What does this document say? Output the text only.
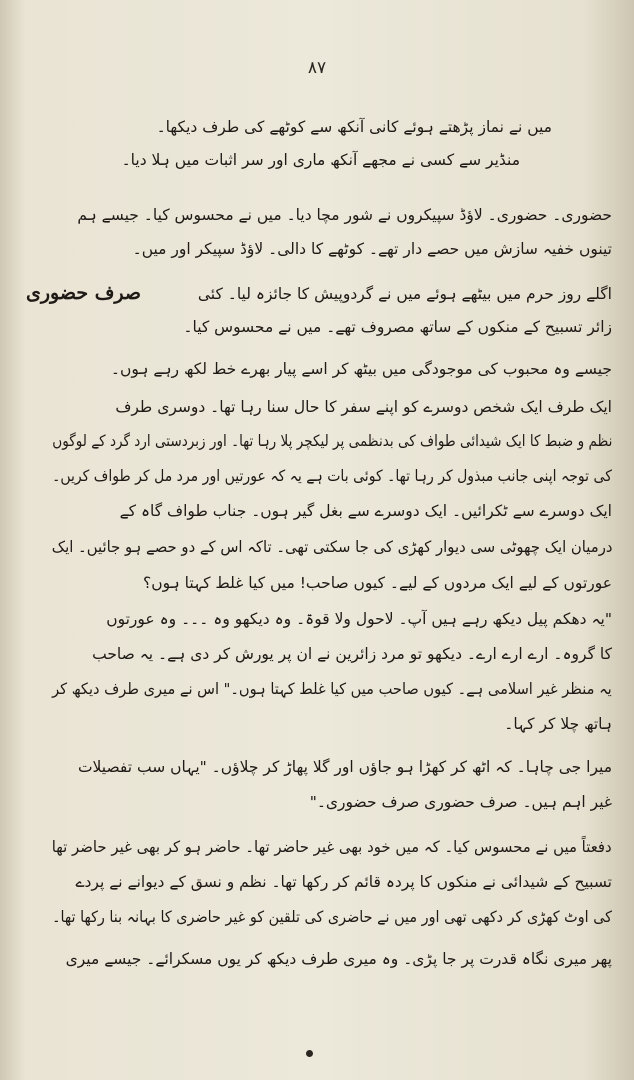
۸۷
صرف حضوری
میں نے نماز پڑھتے ہوئے کانی آنکھ سے کوٹھے کی طرف دیکھا۔
منڈیر سے کسی نے مجھے آنکھ ماری اور سر اثبات میں ہلا دیا۔
حضوری۔ حضوری۔ لاؤڈ سپیکروں نے شور مچا دیا۔ میں نے محسوس کیا۔ جیسے ہم
تینوں خفیہ سازش میں حصے دار تھے۔ کوٹھے کا دالی۔ لاؤڈ سپیکر اور میں۔
اگلے روز حرم میں بیٹھے ہوئے میں نے گردوپیش کا جائزہ لیا۔ کئی
زائر تسبیح کے منکوں کے ساتھ مصروف تھے۔ میں نے محسوس کیا۔
جیسے وہ محبوب کی موجودگی میں بیٹھ کر اسے پیار بھرے خط لکھ رہے ہوں۔
ایک طرف ایک شخص دوسرے کو اپنے سفر کا حال سنا رہا تھا۔ دوسری طرف
نظم و ضبط کا ایک شیدائی طواف کی بدنظمی پر لیکچر پلا رہا تھا۔ اور زبردستی ارد گرد کے لوگوں
کی توجہ اپنی جانب مبذول کر رہا تھا۔ کوئی بات ہے یہ کہ عورتیں اور مرد مل کر طواف کریں۔
ایک دوسرے سے ٹکرائیں۔ ایک دوسرے سے بغل گیر ہوں۔ جناب طواف گاہ کے
درمیان ایک چھوٹی سی دیوار کھڑی کی جا سکتی تھی۔ تاکہ اس کے دو حصے ہو جائیں۔ ایک
عورتوں کے لیے ایک مردوں کے لیے۔ کیوں صاحب! میں کیا غلط کہتا ہوں؟
"یہ دھکم پیل دیکھ رہے ہیں آپ۔ لاحول ولا قوۃ۔ وہ دیکھو وہ ۔۔۔ وہ عورتوں
کا گروہ۔ ارے ارے ارے۔ دیکھو تو مرد زائرین نے ان پر یورش کر دی ہے۔ یہ صاحب
یہ منظر غیر اسلامی ہے۔ کیوں صاحب میں کیا غلط کہتا ہوں۔" اس نے میری طرف دیکھ کر
ہاتھ چلا کر کہا۔
میرا جی چاہا۔ کہ اٹھ کر کھڑا ہو جاؤں اور گلا پھاڑ کر چلاؤں۔ "یہاں سب تفصیلات
غیر اہم ہیں۔ صرف حضوری صرف حضوری۔"
دفعتاً میں نے محسوس کیا۔ کہ میں خود بھی غیر حاضر تھا۔ حاضر ہو کر بھی غیر حاضر تھا
تسبیح کے شیدائی نے منکوں کا پردہ قائم کر رکھا تھا۔ نظم و نسق کے دیوانے نے پردے
کی اوٹ کھڑی کر دکھی تھی اور میں نے حاضری کی تلقین کو غیر حاضری کا بہانہ بنا رکھا تھا۔
پھر میری نگاہ قدرت پر جا پڑی۔ وہ میری طرف دیکھ کر یوں مسکرائے۔ جیسے میری
